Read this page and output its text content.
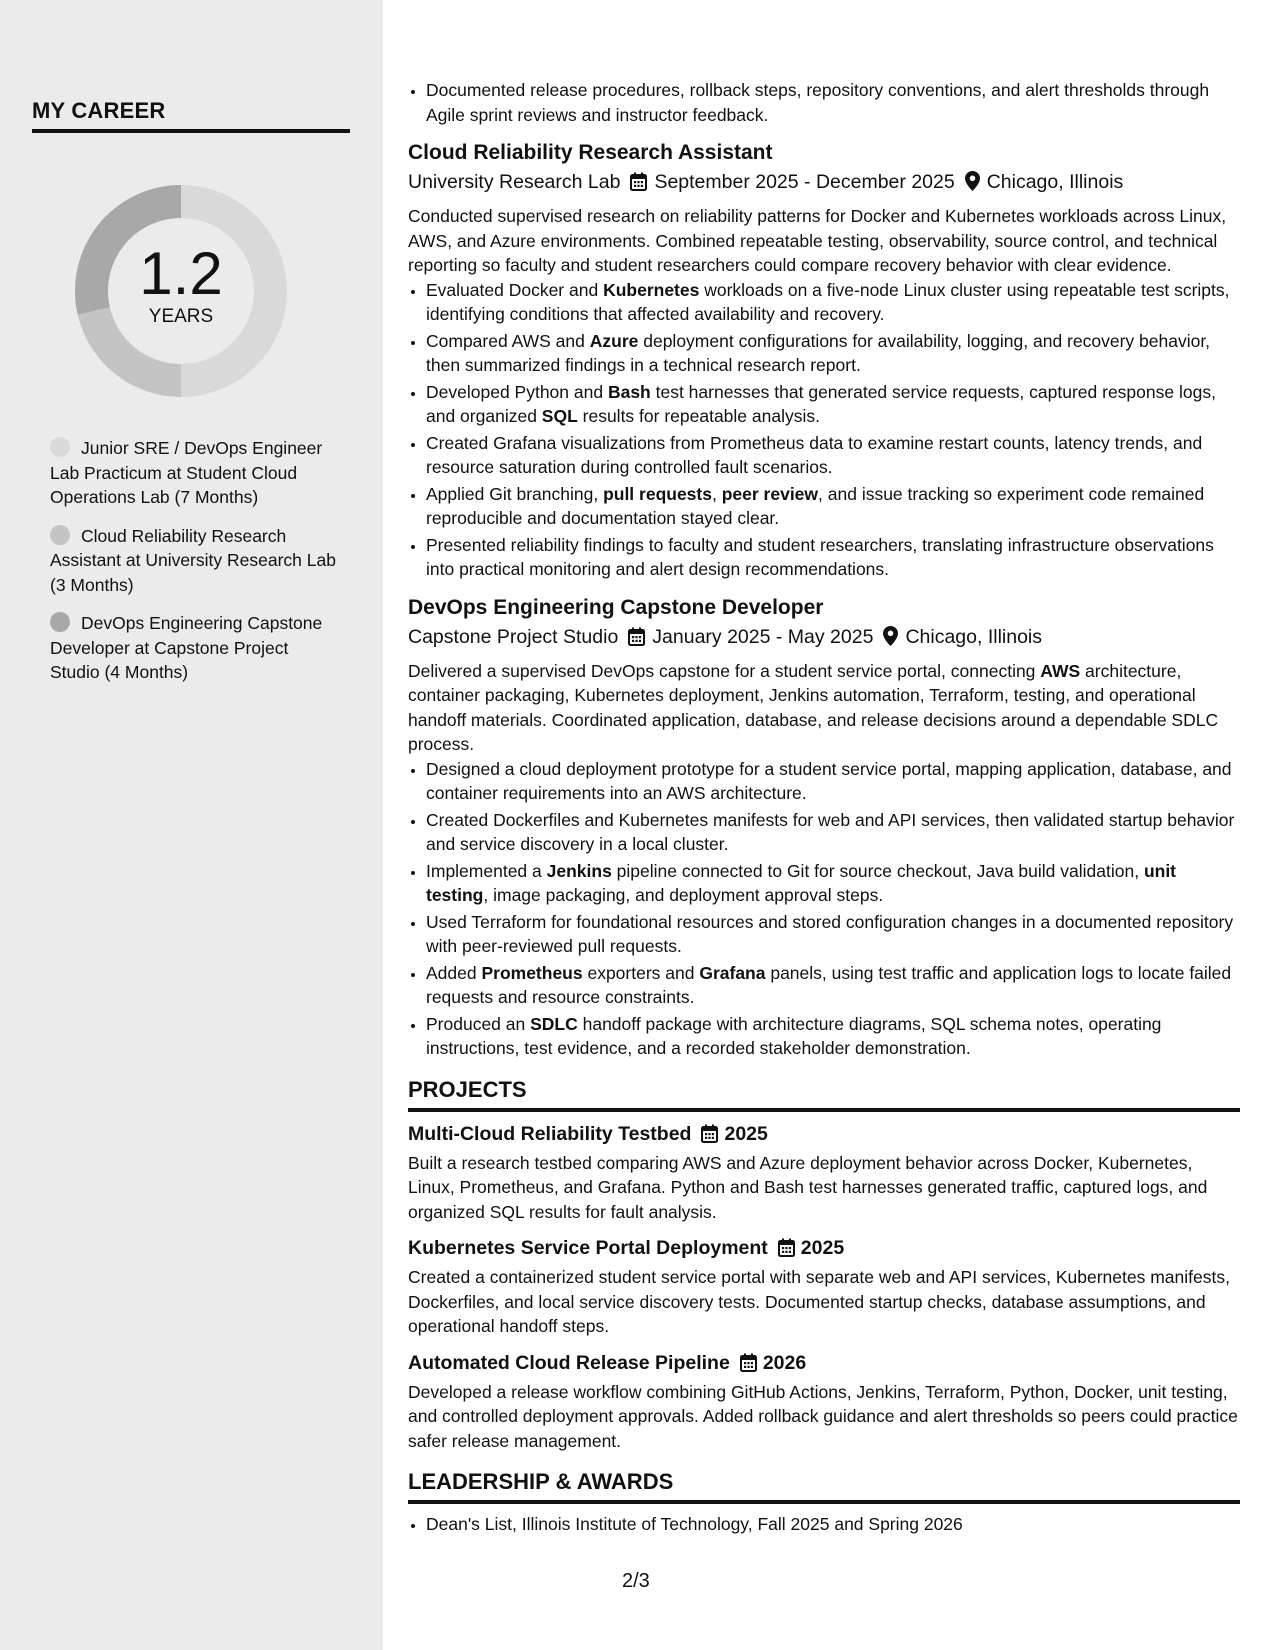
MY CAREER
1.2
YEARS
Junior SRE / DevOps Engineer Lab Practicum at Student Cloud Operations Lab (7 Months)
Cloud Reliability Research Assistant at University Research Lab (3 Months)
DevOps Engineering Capstone Developer at Capstone Project Studio (4 Months)
• Documented release procedures, rollback steps, repository conventions, and alert thresholds through Agile sprint reviews and instructor feedback.
Cloud Reliability Research Assistant
University Research Lab September 2025 - December 2025 Chicago, Illinois
Conducted supervised research on reliability patterns for Docker and Kubernetes workloads across Linux, AWS, and Azure environments. Combined repeatable testing, observability, source control, and technical reporting so faculty and student researchers could compare recovery behavior with clear evidence.
• Evaluated Docker and Kubernetes workloads on a five-node Linux cluster using repeatable test scripts, identifying conditions that affected availability and recovery.
• Compared AWS and Azure deployment configurations for availability, logging, and recovery behavior, then summarized findings in a technical research report.
• Developed Python and Bash test harnesses that generated service requests, captured response logs, and organized SQL results for repeatable analysis.
• Created Grafana visualizations from Prometheus data to examine restart counts, latency trends, and resource saturation during controlled fault scenarios.
• Applied Git branching, pull requests, peer review, and issue tracking so experiment code remained reproducible and documentation stayed clear.
• Presented reliability findings to faculty and student researchers, translating infrastructure observations into practical monitoring and alert design recommendations.
DevOps Engineering Capstone Developer
Capstone Project Studio January 2025 - May 2025 Chicago, Illinois
Delivered a supervised DevOps capstone for a student service portal, connecting AWS architecture, container packaging, Kubernetes deployment, Jenkins automation, Terraform, testing, and operational handoff materials. Coordinated application, database, and release decisions around a dependable SDLC process.
• Designed a cloud deployment prototype for a student service portal, mapping application, database, and container requirements into an AWS architecture.
• Created Dockerfiles and Kubernetes manifests for web and API services, then validated startup behavior and service discovery in a local cluster.
• Implemented a Jenkins pipeline connected to Git for source checkout, Java build validation, unit testing, image packaging, and deployment approval steps.
• Used Terraform for foundational resources and stored configuration changes in a documented repository with peer-reviewed pull requests.
• Added Prometheus exporters and Grafana panels, using test traffic and application logs to locate failed requests and resource constraints.
• Produced an SDLC handoff package with architecture diagrams, SQL schema notes, operating instructions, test evidence, and a recorded stakeholder demonstration.
PROJECTS
Multi-Cloud Reliability Testbed 2025
Built a research testbed comparing AWS and Azure deployment behavior across Docker, Kubernetes, Linux, Prometheus, and Grafana. Python and Bash test harnesses generated traffic, captured logs, and organized SQL results for fault analysis.
Kubernetes Service Portal Deployment 2025
Created a containerized student service portal with separate web and API services, Kubernetes manifests, Dockerfiles, and local service discovery tests. Documented startup checks, database assumptions, and operational handoff steps.
Automated Cloud Release Pipeline 2026
Developed a release workflow combining GitHub Actions, Jenkins, Terraform, Python, Docker, unit testing, and controlled deployment approvals. Added rollback guidance and alert thresholds so peers could practice safer release management.
LEADERSHIP & AWARDS
• Dean's List, Illinois Institute of Technology, Fall 2025 and Spring 2026
2/3
